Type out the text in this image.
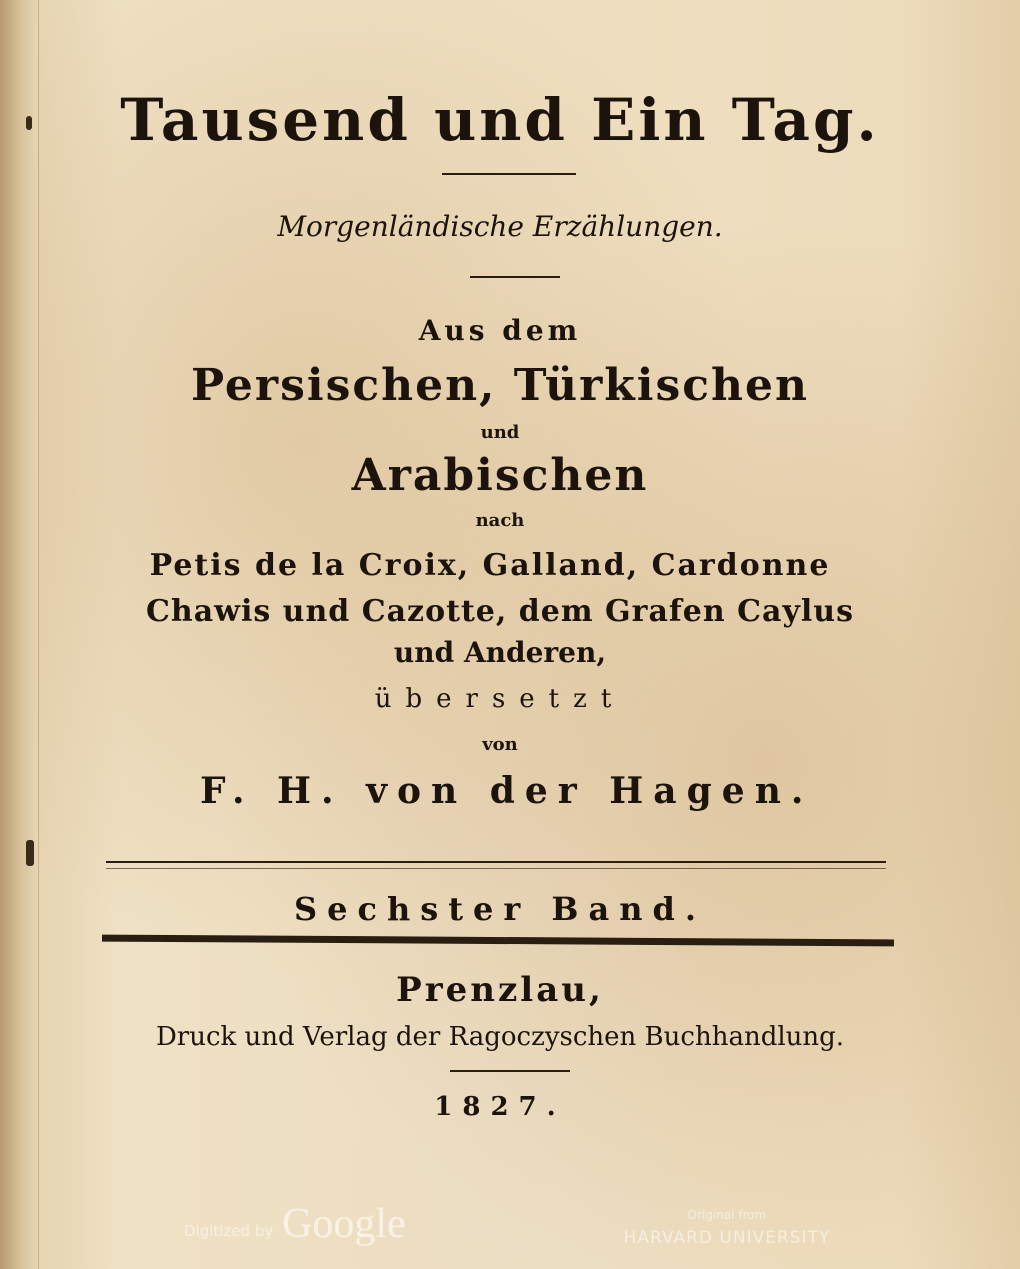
Tausend und Ein Tag.
Morgenländische Erzählungen.
Aus dem
Persischen, Türkischen
und
Arabischen
nach
Petis de la Croix, Galland, Cardonne
Chawis und Cazotte, dem Grafen Caylus
und Anderen,
übersetzt
von
F. H. von der Hagen.
Sechster Band.
Prenzlau,
Druck und Verlag der Ragoczyschen Buchhandlung.
1827.
Digitized by Google	Original from
HARVARD UNIVERSITY
